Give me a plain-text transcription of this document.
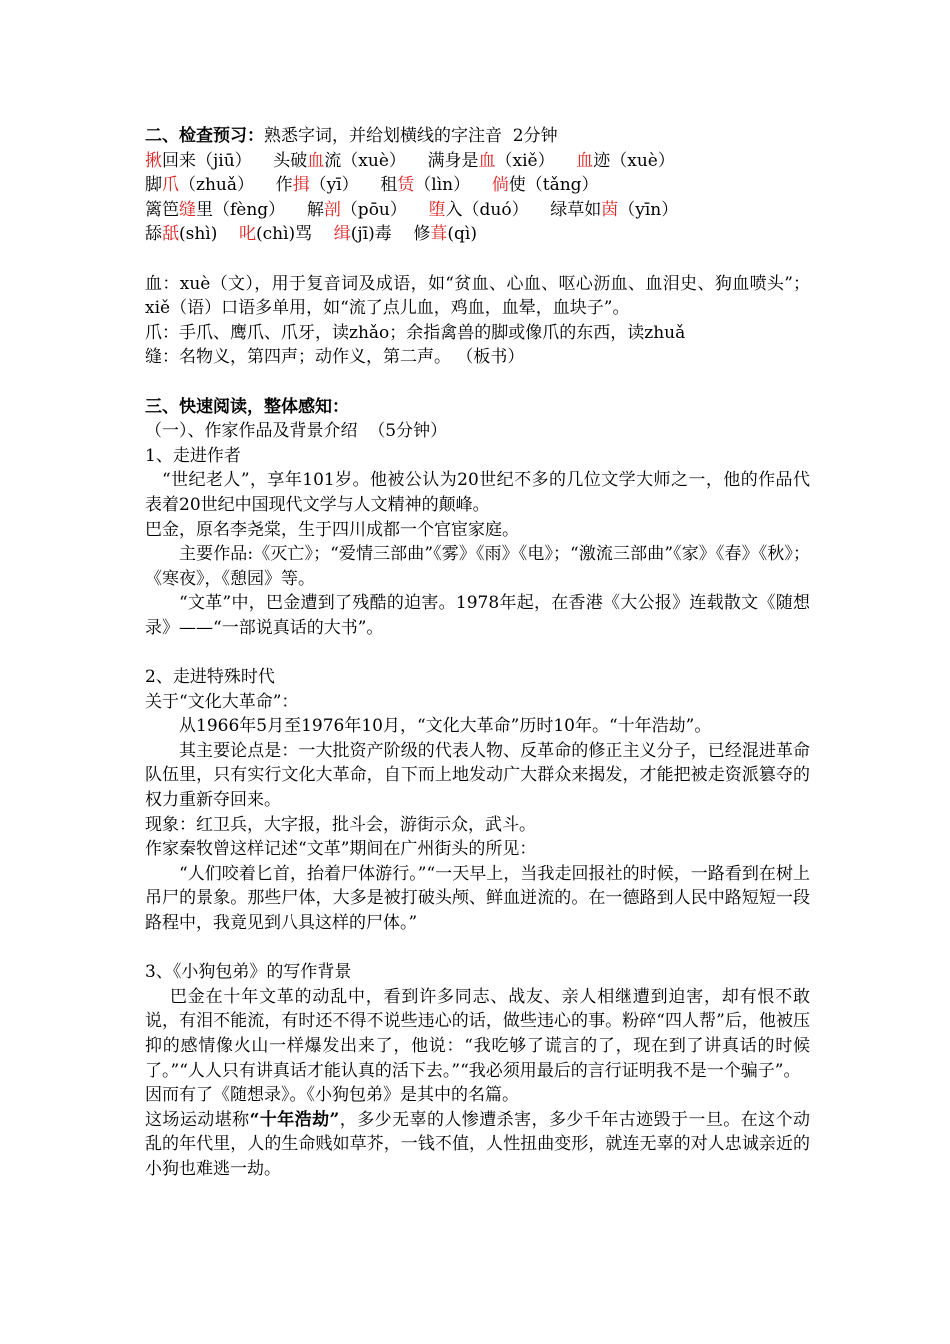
二、检查预习：熟悉字词，并给划横线的字注音  2分钟
揪回来（jiū） 头破血流（xuè） 满身是血（xiě） 血迹（xuè）
脚爪（zhuǎ） 作揖（yī） 租赁（lìn） 倘使（tǎng）
篱笆缝里（fèng） 解剖（pōu） 堕入（duó） 绿草如茵（yīn）
舔舐(shì) 叱(chì)骂 缉(jī)毒 修葺(qì)
血：xuè（文），用于复音词及成语，如“贫血、心血、呕心沥血、血泪史、狗血喷头”；xiě（语）口语多单用，如“流了点儿血，鸡血，血晕，血块子”。
爪：手爪、鹰爪、爪牙，读zhǎo；余指禽兽的脚或像爪的东西，读zhuǎ
缝：名物义，第四声；动作义，第二声。 （板书）
三、快速阅读，整体感知：
（一）、作家作品及背景介绍  （5分钟）
1、走进作者
“世纪老人”，享年101岁。他被公认为20世纪不多的几位文学大师之一，他的作品代表着20世纪中国现代文学与人文精神的颠峰。
巴金，原名李尧棠，生于四川成都一个官宦家庭。
主要作品:《灭亡》；“爱情三部曲”《雾》《雨》《电》；“激流三部曲”《家》《春》《秋》；《寒夜》，《憩园》等。
“文革”中，巴金遭到了残酷的迫害。1978年起，在香港《大公报》连载散文《随想录》——“一部说真话的大书”。
2、走进特殊时代
关于“文化大革命”：
从1966年5月至1976年10月，“文化大革命”历时10年。“十年浩劫”。
其主要论点是：一大批资产阶级的代表人物、反革命的修正主义分子，已经混进革命队伍里，只有实行文化大革命，自下而上地发动广大群众来揭发，才能把被走资派篡夺的权力重新夺回来。
现象：红卫兵，大字报，批斗会，游街示众，武斗。
作家秦牧曾这样记述“文革”期间在广州街头的所见：
“人们咬着匕首，抬着尸体游行。”“一天早上，当我走回报社的时候，一路看到在树上吊尸的景象。那些尸体，大多是被打破头颅、鲜血迸流的。在一德路到人民中路短短一段路程中，我竟见到八具这样的尸体。”
3、《小狗包弟》的写作背景
巴金在十年文革的动乱中，看到许多同志、战友、亲人相继遭到迫害，却有恨不敢说，有泪不能流，有时还不得不说些违心的话，做些违心的事。粉碎“四人帮”后，他被压抑的感情像火山一样爆发出来了，他说：“我吃够了谎言的了，现在到了讲真话的时候了。”“人人只有讲真话才能认真的活下去。”“我必须用最后的言行证明我不是一个骗子”。
因而有了《随想录》。《小狗包弟》是其中的名篇。
这场运动堪称“十年浩劫”，多少无辜的人惨遭杀害，多少千年古迹毁于一旦。在这个动乱的年代里，人的生命贱如草芥，一钱不值，人性扭曲变形，就连无辜的对人忠诚亲近的小狗也难逃一劫。
